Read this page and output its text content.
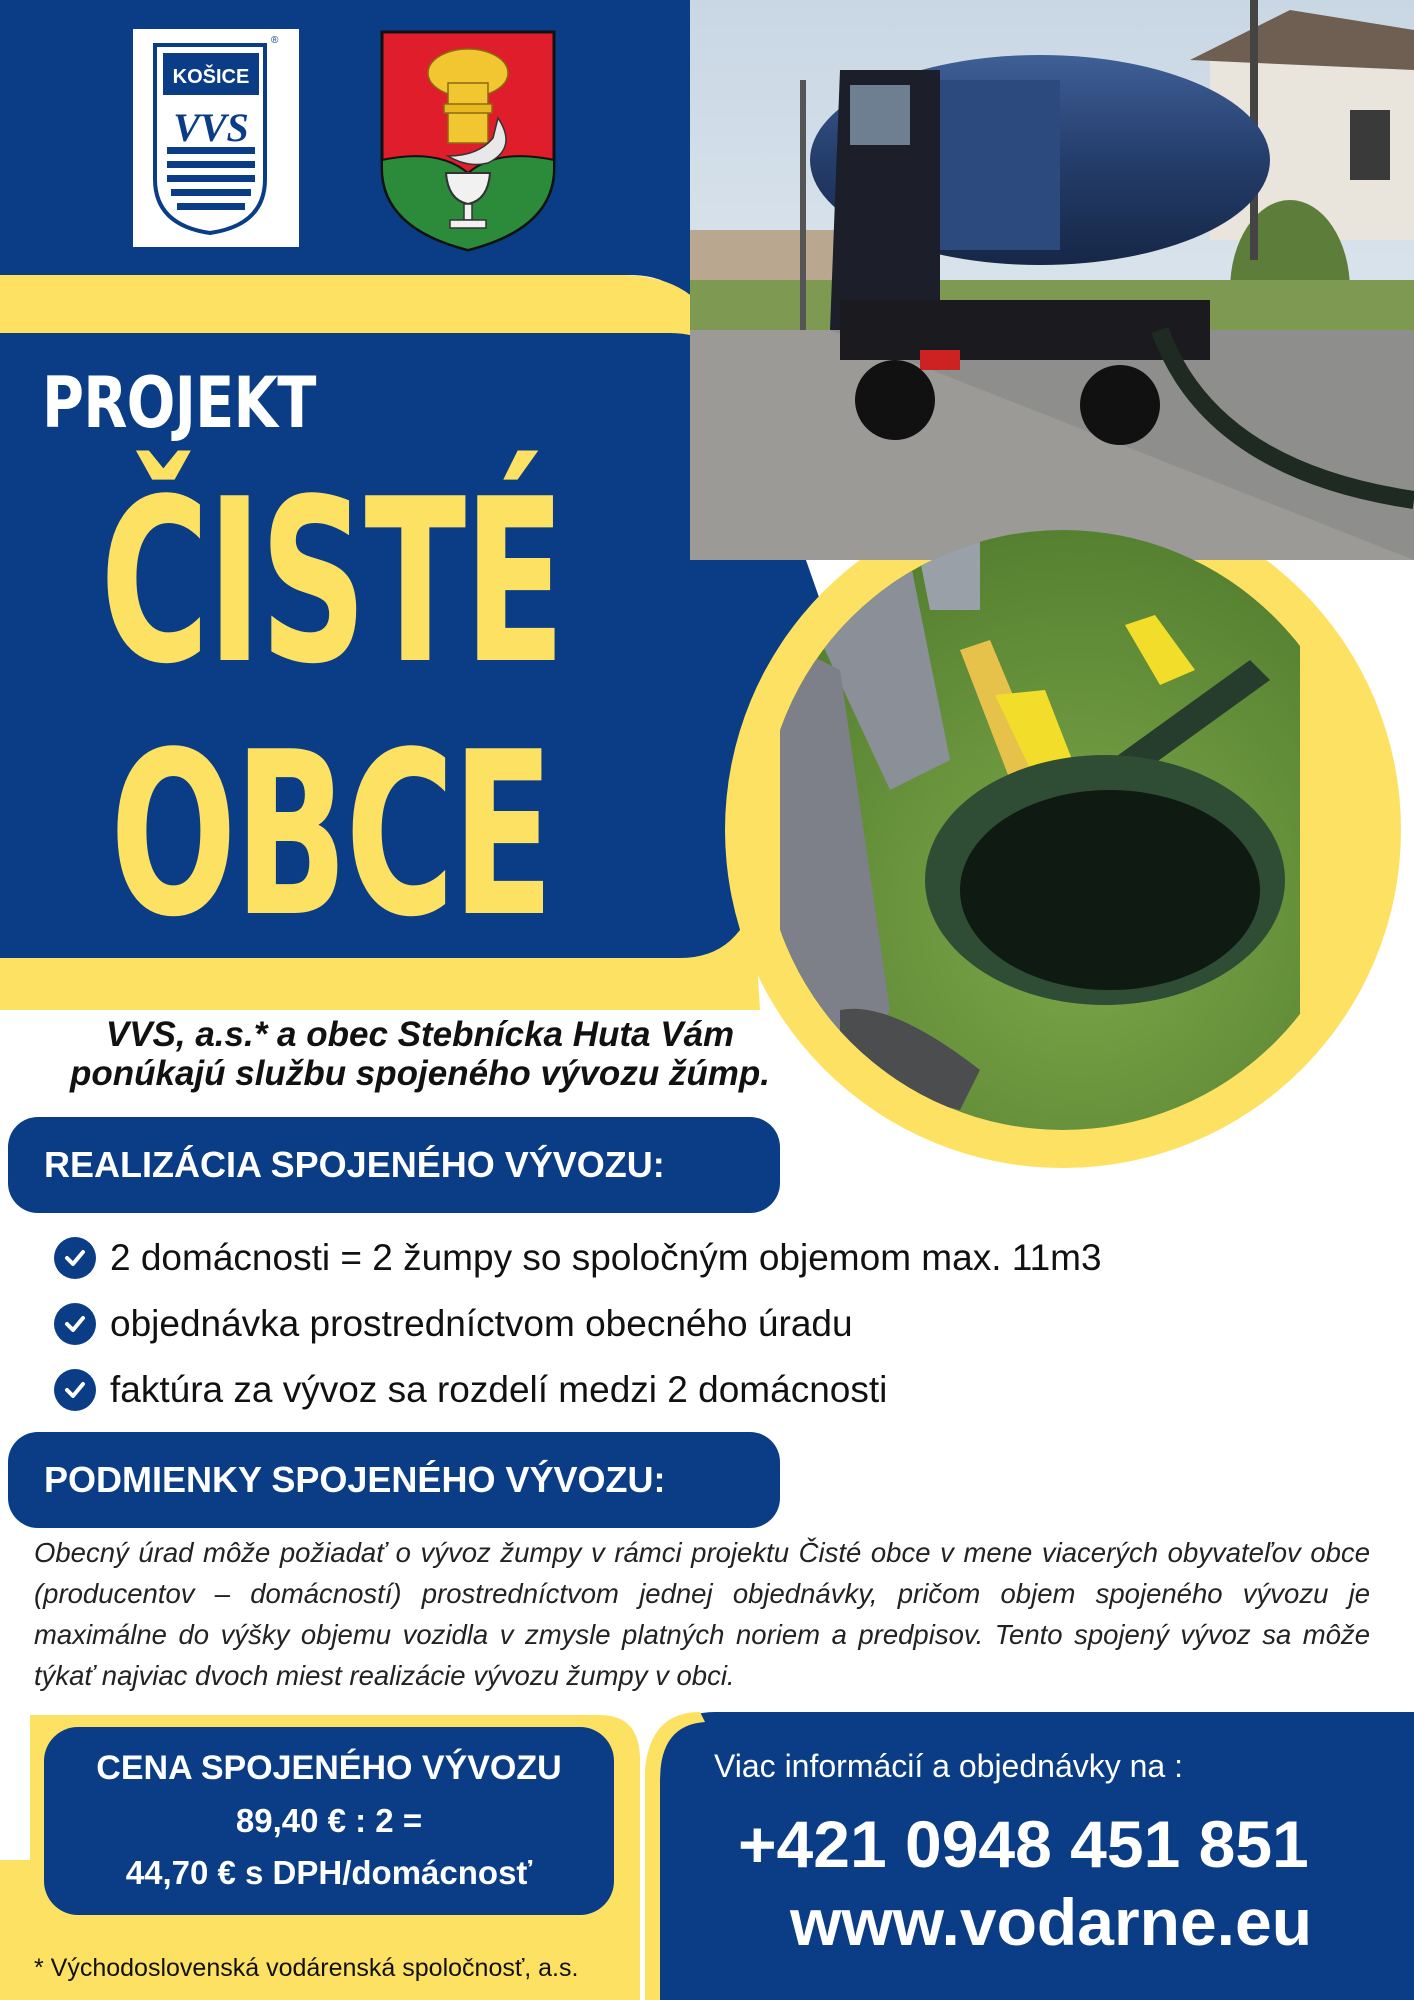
KOŠICE
VVS
®
PROJEKT
ČISTÉ
OBCE
VVS, a.s.* a obec Stebnícka Huta Vám
ponúkajú službu spojeného vývozu žúmp.
REALIZÁCIA SPOJENÉHO VÝVOZU:
2 domácnosti = 2 žumpy so spoločným objemom max. 11m3
objednávka prostredníctvom obecného úradu
faktúra za vývoz sa rozdelí medzi 2 domácnosti
PODMIENKY SPOJENÉHO VÝVOZU:
Obecný úrad môže požiadať o vývoz žumpy v rámci projektu Čisté obce v mene viacerých obyvateľov obce (producentov – domácností) prostredníctvom jednej objednávky, pričom objem spojeného vývozu je maximálne do výšky objemu vozidla v zmysle platných noriem a predpisov. Tento spojený vývoz sa môže týkať najviac dvoch miest realizácie vývozu žumpy v obci.
CENA SPOJENÉHO VÝVOZU
89,40 € : 2 =
44,70 € s DPH/domácnosť
Viac informácií a objednávky na :
+421 0948 451 851
www.vodarne.eu
* Východoslovenská vodárenská spoločnosť, a.s.
